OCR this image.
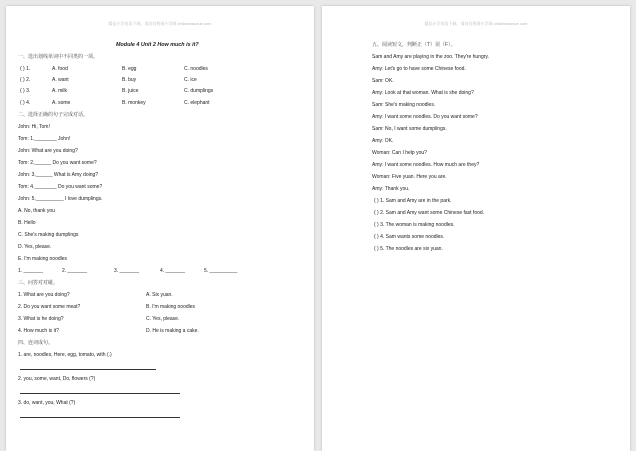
精品小学英语下载，请访问智网小学网 zhilianxiaoxue.com
Module 4 Unit 2 How much is it?
一、选出划线单词中不同类的一项。
( ) 1.	A. food	B. egg	C. noodles
( ) 2.	A. want	B. buy	C. ice
( ) 3.	A. milk	B. juice	C. dumplings
( ) 4.	A. some	B. monkey	C. elephant
二、选择正确的句子完成对话。
John: Hi, Tom!
Tom: 1.________ John!
John: What are you doing?
Tom: 2.______ Do you want some?
John: 3.______ What is Amy doing?
Tom: 4.________ Do you want some?
John: 5.__________ I love dumplings.
A. No, thank you
B. Hello
C. She's making dumplings
D. Yes, please.
E. I'm making noodles
1. _______	2. _______	3. _______	4. _______	5. __________
三、问答对对碰。
1. What are you doing?	A. Six yuan.
2. Do you want some meat?	B. I'm making noodles
3. What is he doing?	C. Yes, please.
4. How much is it?	D. He is making a cake.
四、连词成句。
1. are, noodles, Here, egg, tomato, with (.)
2. you, some, want, Do, flowers (?)
3. do, want, you, What (?)
精品小学英语下载，请访问智网小学网 zhilianxiaoxue.com
五、阅读短文，判断正（T）误（F）。
Sam and Amy are playing in the zoo. They're hungry.
Amy: Let's go to have some Chinese food.
Sam: OK.
Amy: Look at that woman. What is she doing?
Sam: She's making noodles.
Amy: I want some noodles. Do you want some?
Sam: No, I want some dumplings.
Amy: OK.
Woman: Can I help you?
Amy: I want some noodles. How much are they?
Woman: Five yuan. Here you are.
Amy: Thank you.
( ) 1. Sam and Amy are in the park.
( ) 2. Sam and Amy want some Chinese fast food.
( ) 3. The woman is making noodles.
( ) 4. Sam wants some noodles.
( ) 5. The noodles are six yuan.
